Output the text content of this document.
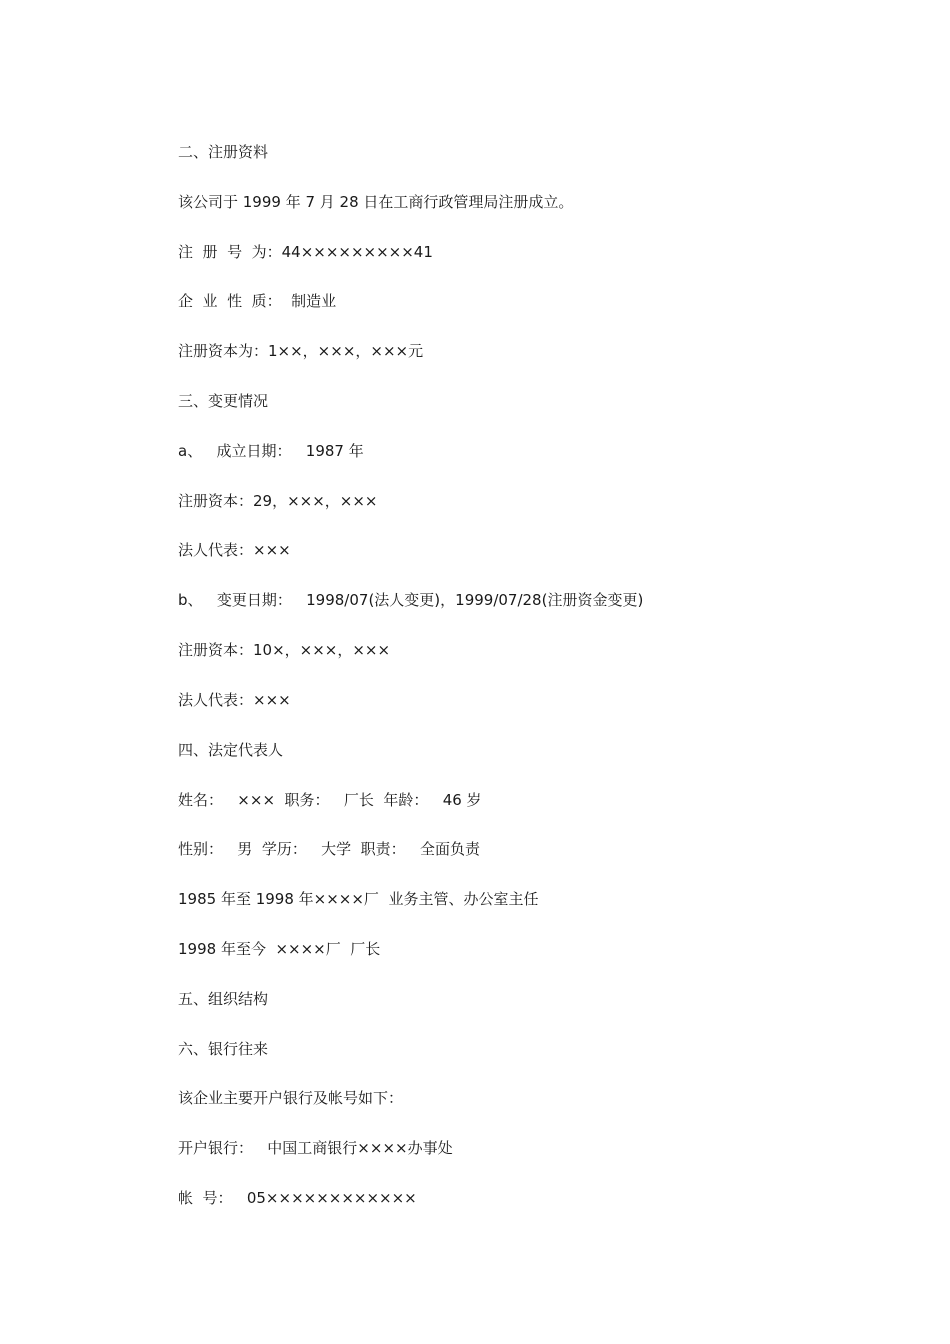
二、注册资料
该公司于 1999 年 7 月 28 日在工商行政管理局注册成立。
注  册  号  为：44×××××××××41
企  业  性  质：  制造业
注册资本为：1××，×××，×××元
三、变更情况
a、   成立日期：   1987 年
注册资本：29，×××，×××
法人代表：×××
b、   变更日期：   1998/07(法人变更)，1999/07/28(注册资金变更)
注册资本：10×，×××，×××
法人代表：×××
四、法定代表人
姓名：   ×××  职务：   厂长  年龄：   46 岁
性别：   男  学历：   大学  职责：   全面负责
1985 年至 1998 年××××厂  业务主管、办公室主任
1998 年至今  ××××厂  厂长
五、组织结构
六、银行往来
该企业主要开户银行及帐号如下：
开户银行：   中国工商银行××××办事处
帐  号：   05××××××××××××
